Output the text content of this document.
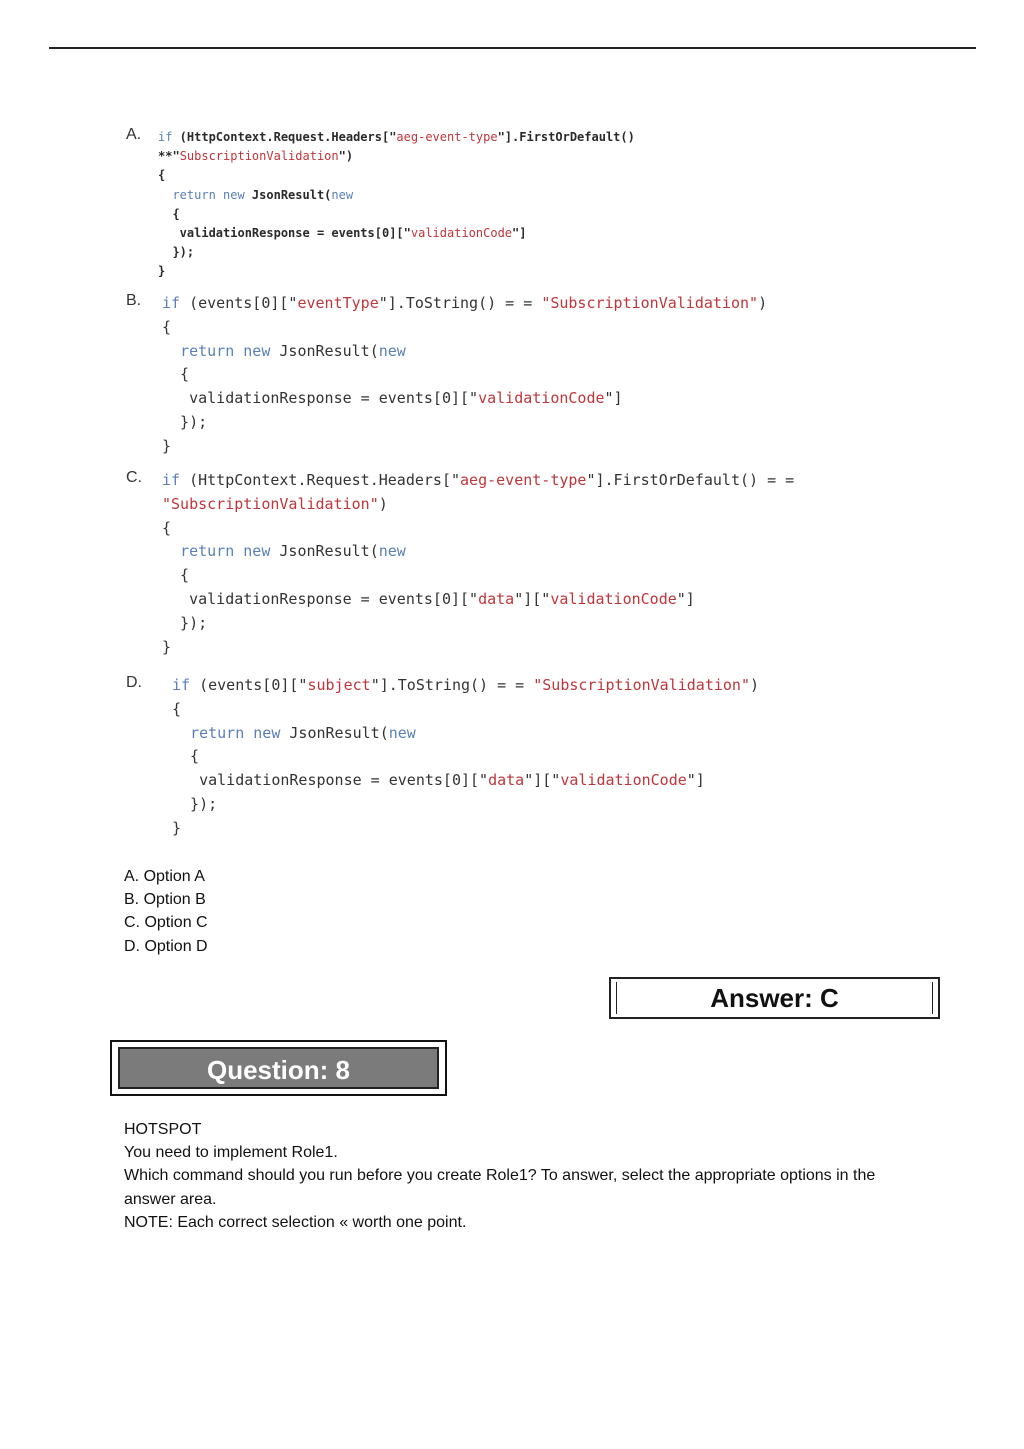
A. if (HttpContext.Request.Headers["aeg-event-type"].FirstOrDefault()
**"SubscriptionValidation")
{
return new JsonResult(new
{
validationResponse = events[0]["validationCode"]
});
}
B. if (events[0]["eventType"].ToString() = = "SubscriptionValidation")
{
return new JsonResult(new
{
validationResponse = events[0]["validationCode"]
});
}
C. if (HttpContext.Request.Headers["aeg-event-type"].FirstOrDefault() = =
"SubscriptionValidation")
{
return new JsonResult(new
{
validationResponse = events[0]["data"]["validationCode"]
});
}
D. if (events[0]["subject"].ToString() = = "SubscriptionValidation")
{
return new JsonResult(new
{
validationResponse = events[0]["data"]["validationCode"]
});
}
A. Option A
B. Option B
C. Option C
D. Option D
Answer: C
Question: 8
HOTSPOT
You need to implement Role1.
Which command should you run before you create Role1? To answer, select the appropriate options in the answer area.
NOTE: Each correct selection « worth one point.
